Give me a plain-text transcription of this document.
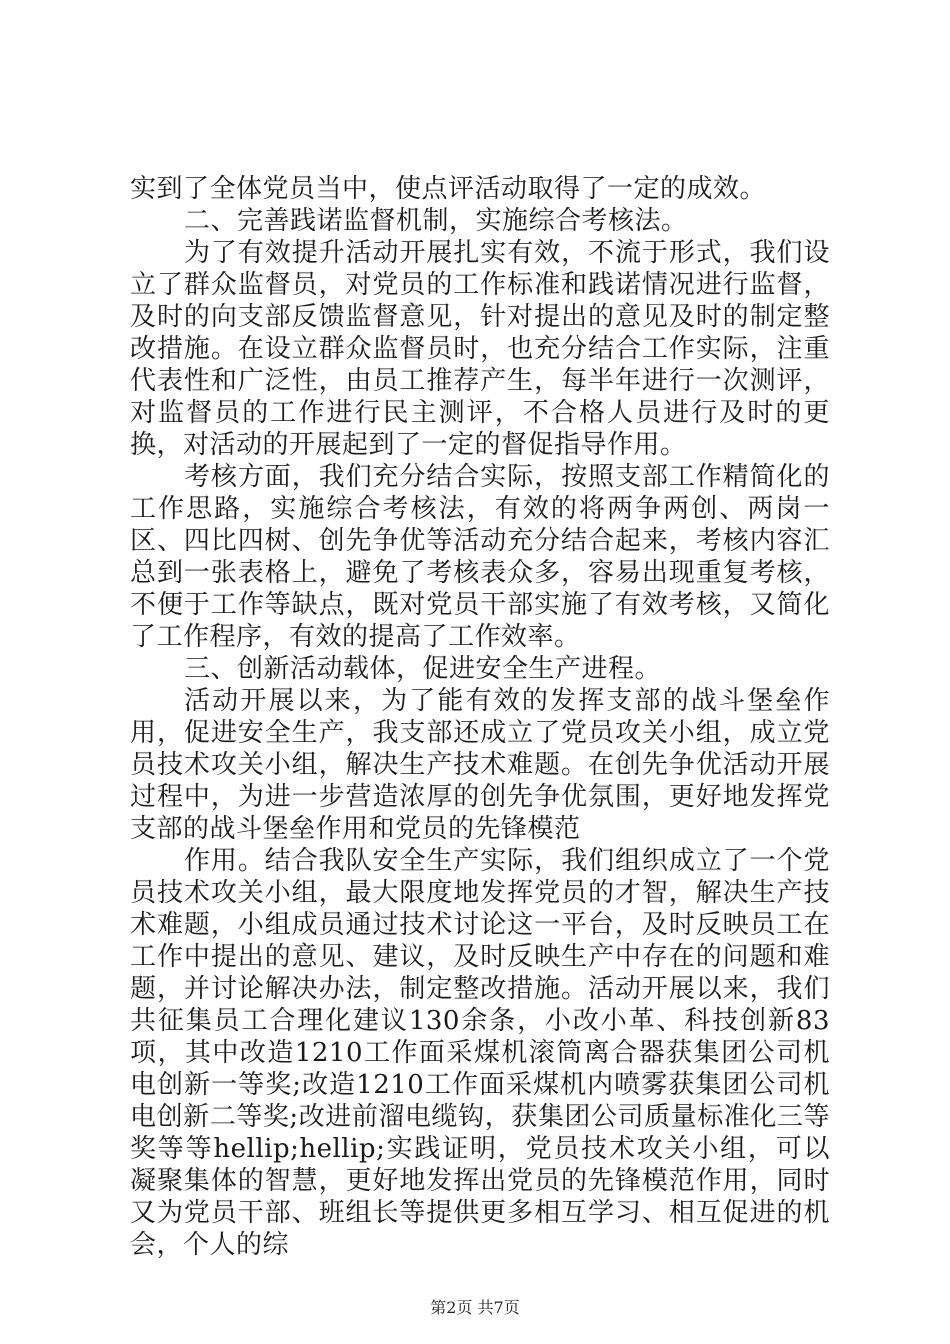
实到了全体党员当中，使点评活动取得了一定的成效。

二、完善践诺监督机制，实施综合考核法。

为了有效提升活动开展扎实有效，不流于形式，我们设立了群众监督员，对党员的工作标准和践诺情况进行监督，及时的向支部反馈监督意见，针对提出的意见及时的制定整改措施。在设立群众监督员时，也充分结合工作实际，注重代表性和广泛性，由员工推荐产生，每半年进行一次测评，对监督员的工作进行民主测评，不合格人员进行及时的更换，对活动的开展起到了一定的督促指导作用。

考核方面，我们充分结合实际，按照支部工作精简化的工作思路，实施综合考核法，有效的将两争两创、两岗一区、四比四树、创先争优等活动充分结合起来，考核内容汇总到一张表格上，避免了考核表众多，容易出现重复考核，不便于工作等缺点，既对党员干部实施了有效考核，又简化了工作程序，有效的提高了工作效率。

三、创新活动载体，促进安全生产进程。

活动开展以来，为了能有效的发挥支部的战斗堡垒作用，促进安全生产，我支部还成立了党员攻关小组，成立党员技术攻关小组，解决生产技术难题。在创先争优活动开展过程中，为进一步营造浓厚的创先争优氛围，更好地发挥党支部的战斗堡垒作用和党员的先锋模范

作用。结合我队安全生产实际，我们组织成立了一个党员技术攻关小组，最大限度地发挥党员的才智，解决生产技术难题，小组成员通过技术讨论这一平台，及时反映员工在工作中提出的意见、建议，及时反映生产中存在的问题和难题，并讨论解决办法，制定整改措施。活动开展以来，我们共征集员工合理化建议130余条，小改小革、科技创新83项，其中改造1210工作面采煤机滚筒离合器获集团公司机电创新一等奖;改造1210工作面采煤机内喷雾获集团公司机电创新二等奖;改进前溜电缆钩，获集团公司质量标准化三等奖等等hellip;hellip;实践证明，党员技术攻关小组，可以凝聚集体的智慧，更好地发挥出党员的先锋模范作用，同时又为党员干部、班组长等提供更多相互学习、相互促进的机会，个人的综

第2页 共7页
